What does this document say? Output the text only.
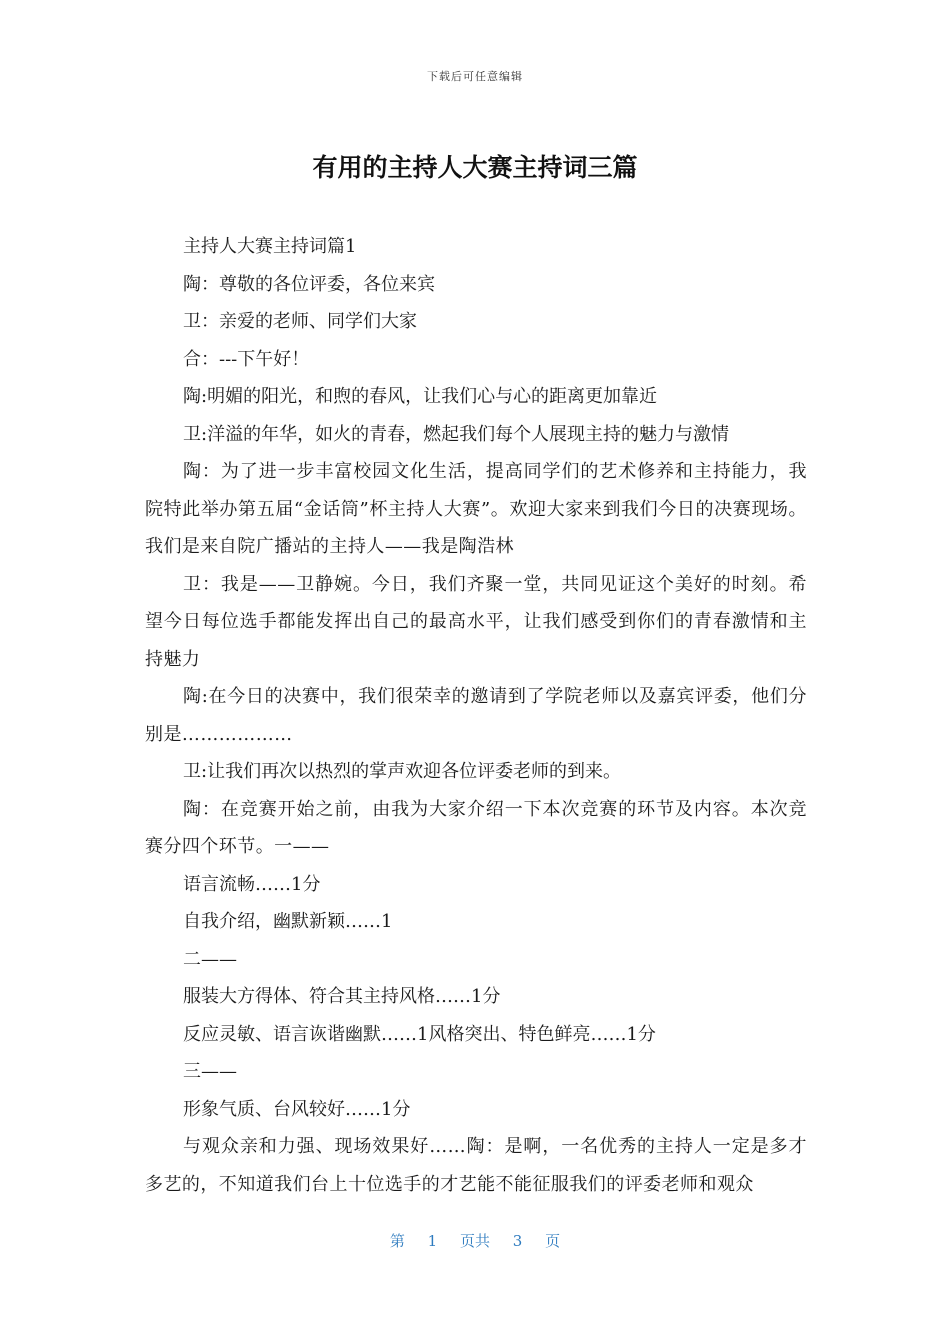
下载后可任意编辑
有用的主持人大赛主持词三篇

主持人大赛主持词篇1

陶：尊敬的各位评委，各位来宾

卫：亲爱的老师、同学们大家

合：---下午好！

陶:明媚的阳光，和煦的春风，让我们心与心的距离更加靠近

卫:洋溢的年华，如火的青春，燃起我们每个人展现主持的魅力与激情

陶：为了进一步丰富校园文化生活，提高同学们的艺术修养和主持能力，我院特此举办第五届“金话筒”杯主持人大赛”。欢迎大家来到我们今日的决赛现场。我们是来自院广播站的主持人——我是陶浩林

卫：我是——卫静婉。今日，我们齐聚一堂，共同见证这个美好的时刻。希望今日每位选手都能发挥出自己的最高水平，让我们感受到你们的青春激情和主持魅力

陶:在今日的决赛中，我们很荣幸的邀请到了学院老师以及嘉宾评委，他们分别是………………

卫:让我们再次以热烈的掌声欢迎各位评委老师的到来。

陶：在竞赛开始之前，由我为大家介绍一下本次竞赛的环节及内容。本次竞赛分四个环节。一——

语言流畅……1分

自我介绍，幽默新颖……1

二——

服装大方得体、符合其主持风格……1分

反应灵敏、语言诙谐幽默……1风格突出、特色鲜亮……1分

三——

形象气质、台风较好……1分

与观众亲和力强、现场效果好……陶：是啊，一名优秀的主持人一定是多才多艺的，不知道我们台上十位选手的才艺能不能征服我们的评委老师和观众

第 1 页共 3 页
